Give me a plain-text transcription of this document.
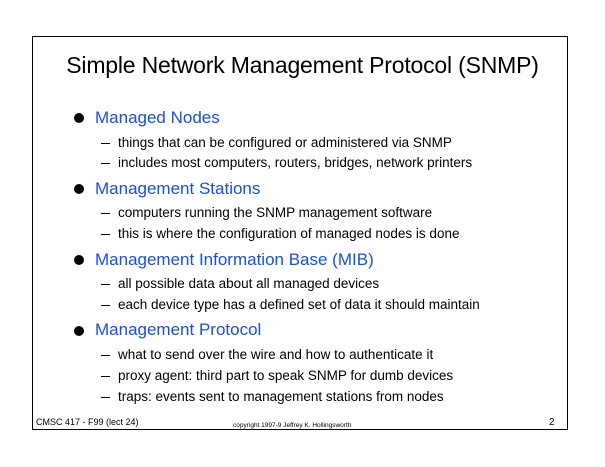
Simple Network Management Protocol (SNMP)
Managed Nodes
things that can be configured or administered via SNMP
includes most computers, routers, bridges, network printers
Management Stations
computers running the SNMP management software
this is where the configuration of managed nodes is done
Management Information Base (MIB)
all possible data about all managed devices
each device type has a defined set of data it should maintain
Management Protocol
what to send over the wire and how to authenticate it
proxy agent: third part to speak SNMP for dumb devices
traps: events sent to management stations from nodes
CMSC 417 - F99 (lect 24)	copyright 1997-9 Jeffrey K. Hollingsworth	2
